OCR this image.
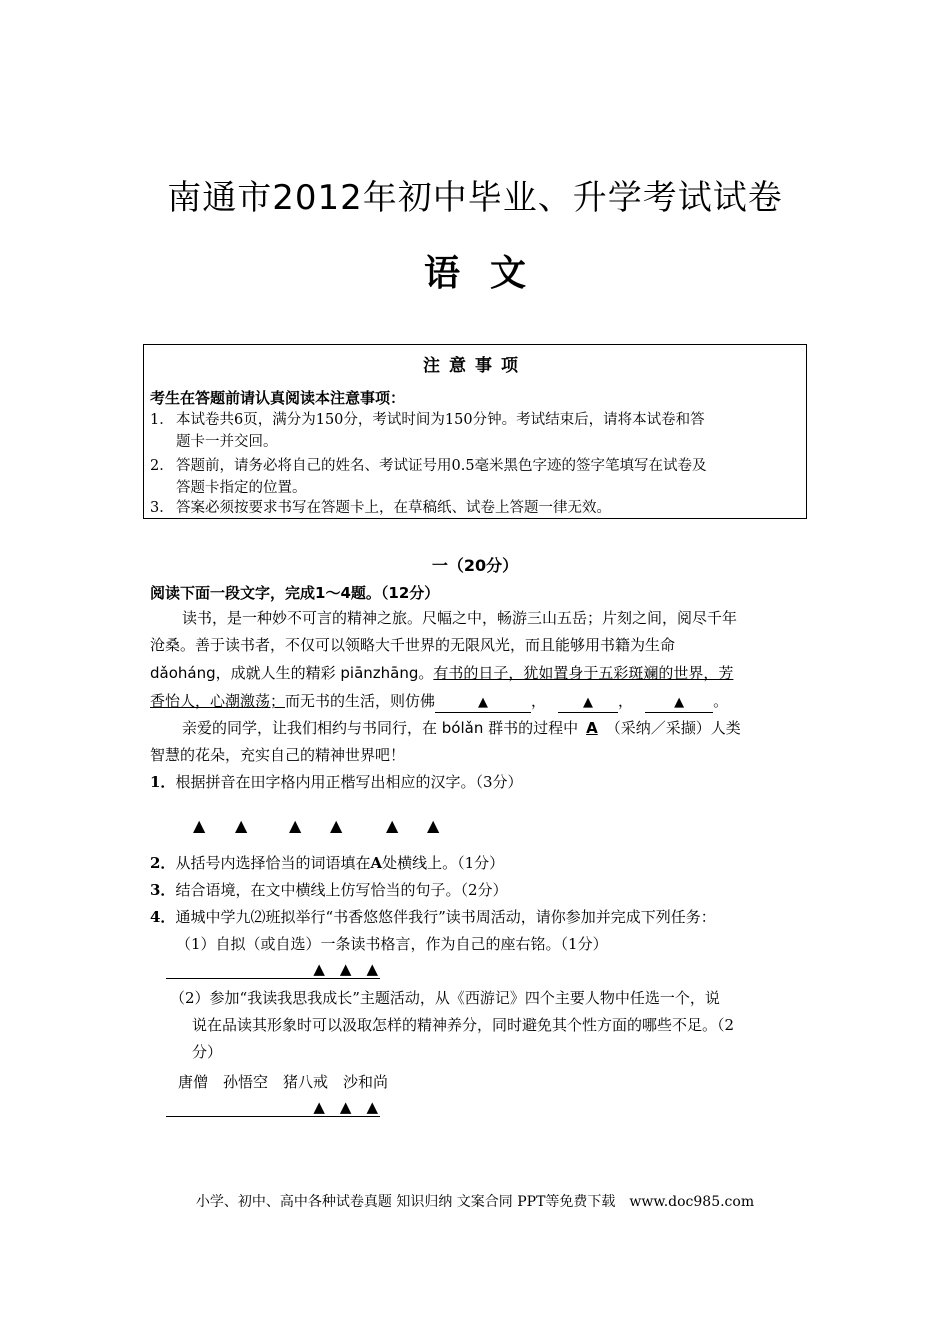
南通市2012年初中毕业、升学考试试卷
语文
注意事项
考生在答题前请认真阅读本注意事项：
1． 本试卷共6页，满分为150分，考试时间为150分钟。考试结束后，请将本试卷和答
题卡一并交回。
2． 答题前，请务必将自己的姓名、考试证号用0.5毫米黑色字迹的签字笔填写在试卷及
答题卡指定的位置。
3． 答案必须按要求书写在答题卡上，在草稿纸、试卷上答题一律无效。
一（20分）
阅读下面一段文字，完成1～4题。（12分）
读书，是一种妙不可言的精神之旅。尺幅之中，畅游三山五岳；片刻之间，阅尽千年
沧桑。善于读书者，不仅可以领略大千世界的无限风光，而且能够用书籍为生命
dǎoháng，成就人生的精彩 piānzhāng。有书的日子，犹如置身于五彩斑斓的世界，芳
香怡人，心潮激荡；而无书的生活，则仿佛	▲	，	▲ ，	▲ 。
亲爱的同学，让我们相约与书同行，在 bólǎn 群书的过程中 A （采纳／采撷）人类
智慧的花朵，充实自己的精神世界吧！
1．根据拼音在田字格内用正楷写出相应的汉字。（3分）
▲ ▲	▲ ▲	▲ ▲
2．从括号内选择恰当的词语填在A处横线上。（1分）
3．结合语境，在文中横线上仿写恰当的句子。（2分）
4．通城中学九⑵班拟举行“书香悠悠伴我行”读书周活动，请你参加并完成下列任务：
（1）自拟（或自选）一条读书格言，作为自己的座右铭。（1分）
▲　▲　▲
（2）参加“我读我思我成长”主题活动，从《西游记》四个主要人物中任选一个，说
说在品读其形象时可以汲取怎样的精神养分，同时避免其个性方面的哪些不足。（2
分）
唐僧　孙悟空　猪八戒　沙和尚
▲　▲　▲
小学、初中、高中各种试卷真题 知识归纳 文案合同 PPT等免费下载　www.doc985.com
